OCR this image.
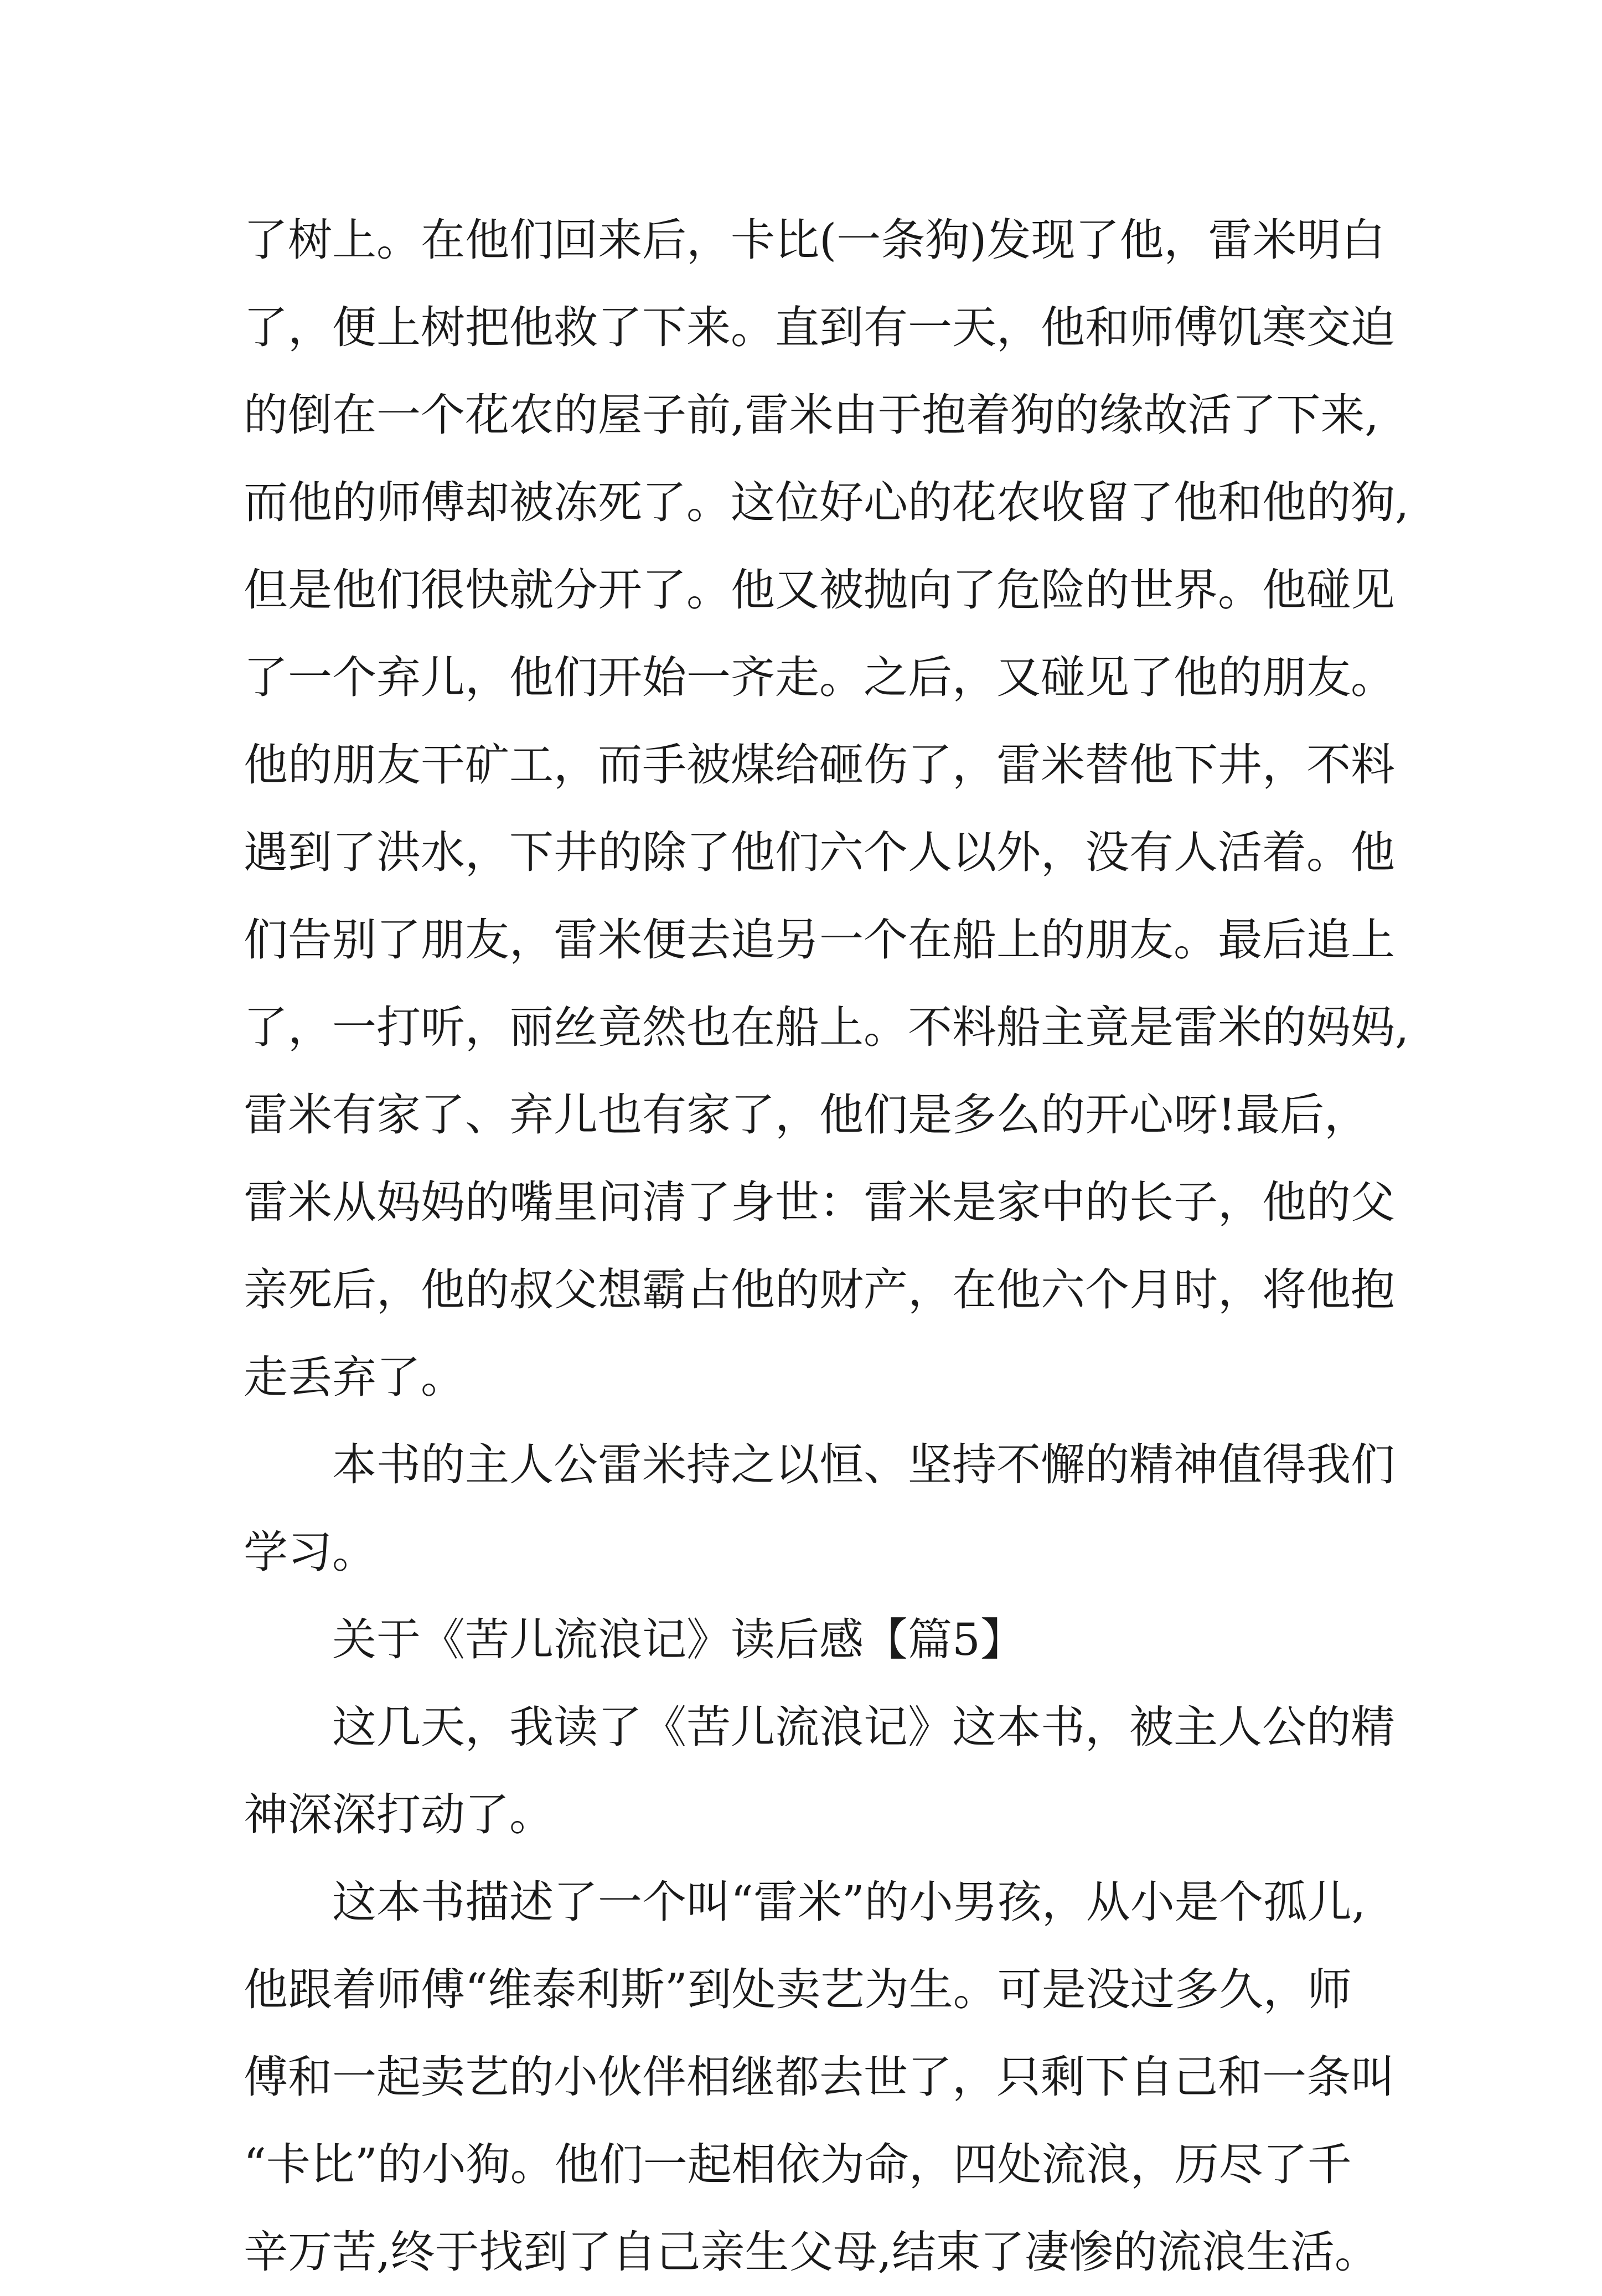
了树上。在他们回来后，卡比(一条狗)发现了他，雷米明白
了，便上树把他救了下来。直到有一天，他和师傅饥寒交迫
的倒在一个花农的屋子前,雷米由于抱着狗的缘故活了下来,
而他的师傅却被冻死了。这位好心的花农收留了他和他的狗,
但是他们很快就分开了。他又被抛向了危险的世界。他碰见
了一个弃儿，他们开始一齐走。之后，又碰见了他的朋友。
他的朋友干矿工，而手被煤给砸伤了，雷米替他下井，不料
遇到了洪水，下井的除了他们六个人以外，没有人活着。他
们告别了朋友，雷米便去追另一个在船上的朋友。最后追上
了，一打听，丽丝竟然也在船上。不料船主竟是雷米的妈妈,
雷米有家了、弃儿也有家了，他们是多么的开心呀!最后，
雷米从妈妈的嘴里问清了身世：雷米是家中的长子，他的父
亲死后，他的叔父想霸占他的财产，在他六个月时，将他抱
走丢弃了。
本书的主人公雷米持之以恒、坚持不懈的精神值得我们
学习。
关于《苦儿流浪记》读后感【篇5】
这几天，我读了《苦儿流浪记》这本书，被主人公的精
神深深打动了。
这本书描述了一个叫“雷米”的小男孩，从小是个孤儿,
他跟着师傅“维泰利斯”到处卖艺为生。可是没过多久，师
傅和一起卖艺的小伙伴相继都去世了，只剩下自己和一条叫
“卡比”的小狗。他们一起相依为命，四处流浪，历尽了千
辛万苦,终于找到了自己亲生父母,结束了凄惨的流浪生活。
